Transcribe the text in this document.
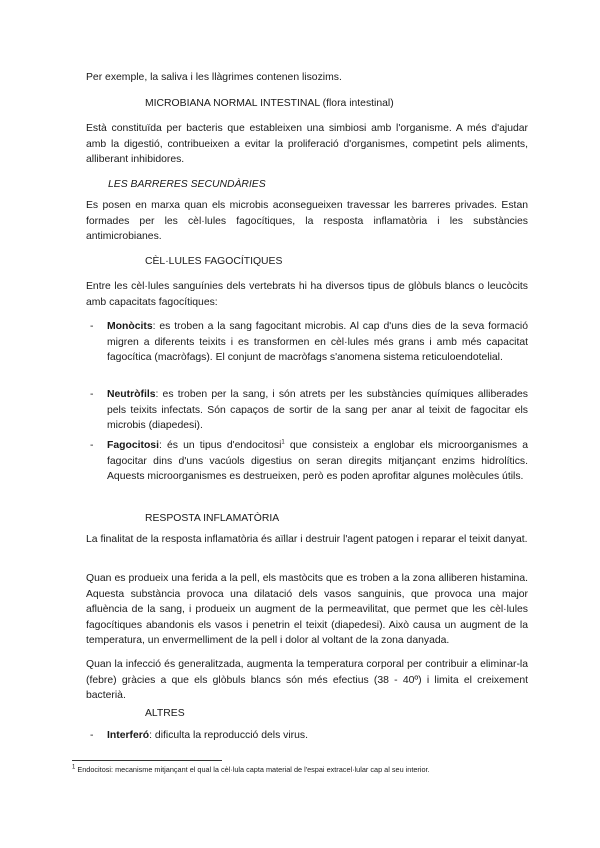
Per exemple, la saliva i les llàgrimes contenen lisozims.

MICROBIANA NORMAL INTESTINAL (flora intestinal)

Està constituïda per bacteris que estableixen una simbiosi amb l'organisme. A més d'ajudar amb la digestió, contribueixen a evitar la proliferació d'organismes, competint pels aliments, alliberant inhibidores.

LES BARRERES SECUNDÀRIES

Es posen en marxa quan els microbis aconsegueixen travessar les barreres privades. Estan formades per les cèl·lules fagocítiques, la resposta inflamatòria i les substàncies antimicrobianes.

CÈL·LULES FAGOCÍTIQUES

Entre les cèl·lules sanguínies dels vertebrats hi ha diversos tipus de glòbuls blancs o leucòcits amb capacitats fagocítiques:

- Monòcits: es troben a la sang fagocitant microbis. Al cap d'uns dies de la seva formació migren a diferents teixits i es transformen en cèl·lules més grans i amb més capacitat fagocítica (macròfags). El conjunt de macròfags s'anomena sistema reticuloendotelial.
- Neutròfils: es troben per la sang, i són atrets per les substàncies químiques alliberades pels teixits infectats. Són capaços de sortir de la sang per anar al teixit de fagocitar els microbis (diapedesi).
- Fagocitosi: és un tipus d'endocitosi$^1$ que consisteix a englobar els microorganismes a fagocitar dins d'uns vacúols digestius on seran diregits mitjançant enzims hidrolítics. Aquests microorganismes es destrueixen, però es poden aprofitar algunes molècules útils.

RESPOSTA INFLAMATÒRIA

La finalitat de la resposta inflamatòria és aïllar i destruir l'agent patogen i reparar el teixit danyat.

Quan es produeix una ferida a la pell, els mastòcits que es troben a la zona alliberen histamina. Aquesta substància provoca una dilatació dels vasos sanguinis, que provoca una major afluència de la sang, i produeix un augment de la permeavilitat, que permet que les cèl·lules fagocítiques abandonis els vasos i penetrin el teixit (diapedesi). Això causa un augment de la temperatura, un envermelliment de la pell i dolor al voltant de la zona danyada.

Quan la infecció és generalitzada, augmenta la temperatura corporal per contribuir a eliminar-la (febre) gràcies a que els glòbuls blancs són més efectius (38 - 40º) i limita el creixement bacterià.

ALTRES

- Interferó: dificulta la reproducció dels virus.
$^1$ Endocitosi: mecanisme mitjançant el qual la cèl·lula capta material de l'espai extracel·lular cap al seu interior.
